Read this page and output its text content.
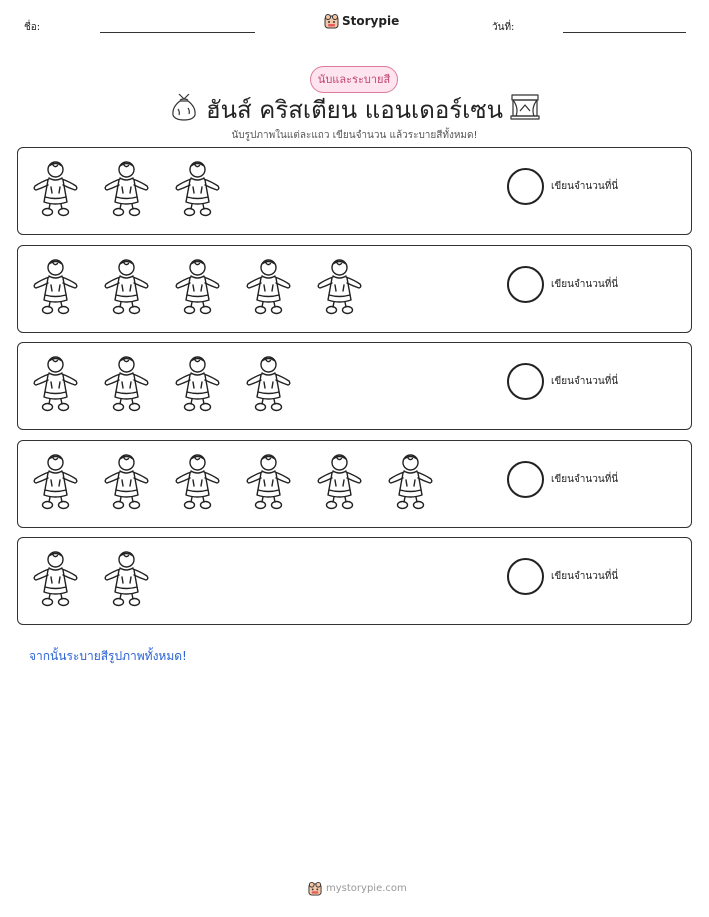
ชื่อ:	Storypie	วันที่:
นับและระบายสี
ฮันส์ คริสเตียน แอนเดอร์เซน
นับรูปภาพในแต่ละแถว เขียนจำนวน แล้วระบายสีทั้งหมด!
เขียนจำนวนที่นี่
เขียนจำนวนที่นี่
เขียนจำนวนที่นี่
เขียนจำนวนที่นี่
เขียนจำนวนที่นี่
จากนั้นระบายสีรูปภาพทั้งหมด!
mystorypie.com
